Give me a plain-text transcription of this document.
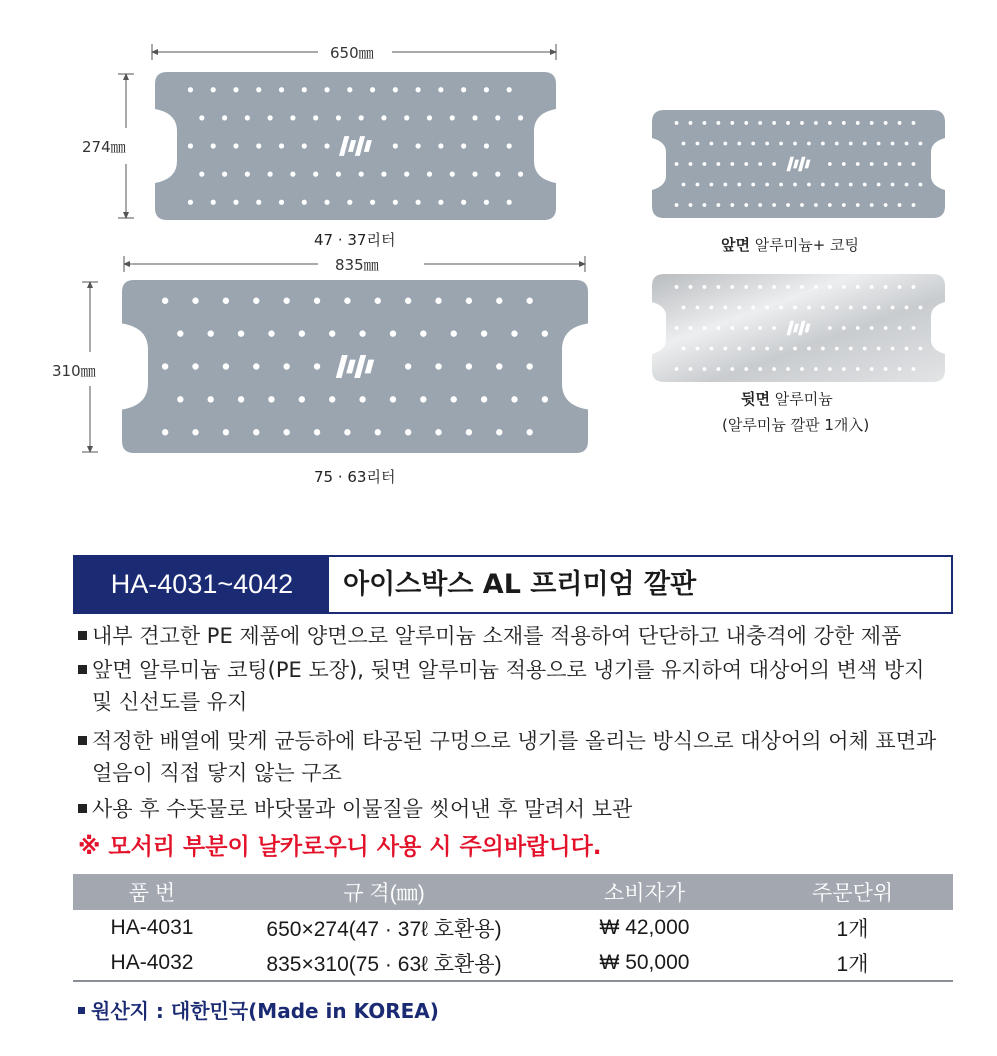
650㎜
274㎜
47 · 37리터
835㎜
310㎜
75 · 63리터
앞면 알루미늄+ 코팅
뒷면 알루미늄
(알루미늄 깔판 1개入)
HA-4031~4042	아이스박스 AL 프리미엄 깔판
내부 견고한 PE 제품에 양면으로 알루미늄 소재를 적용하여 단단하고 내충격에 강한 제품
앞면 알루미늄 코팅(PE 도장), 뒷면 알루미늄 적용으로 냉기를 유지하여 대상어의 변색 방지
및 신선도를 유지
적정한 배열에 맞게 균등하에 타공된 구멍으로 냉기를 올리는 방식으로 대상어의 어체 표면과
얼음이 직접 닿지 않는 구조
사용 후 수돗물로 바닷물과 이물질을 씻어낸 후 말려서 보관
※ 모서리 부분이 날카로우니 사용 시 주의바랍니다.
품 번	규 격(㎜)	소비자가	주문단위
HA-4031	650×274(47 · 37ℓ 호환용)	₩ 42,000	1개
HA-4032	835×310(75 · 63ℓ 호환용)	₩ 50,000	1개
원산지 : 대한민국(Made in KOREA)
